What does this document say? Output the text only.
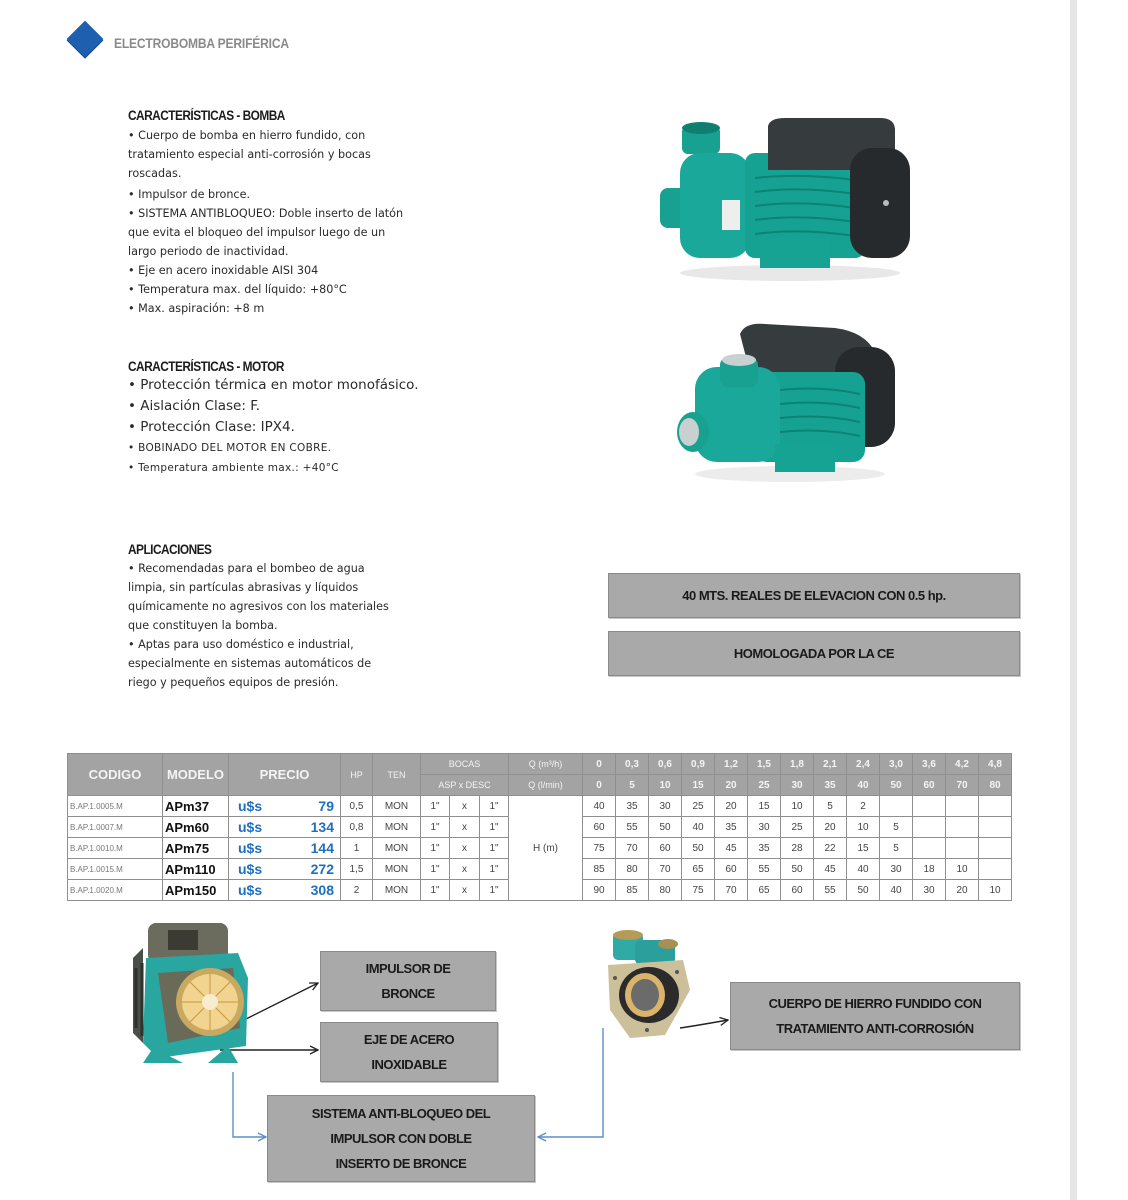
ELECTROBOMBA PERIFÉRICA
CARACTERÍSTICAS - BOMBA
• Cuerpo de bomba en hierro fundido, con
tratamiento especial anti-corrosión y bocas
roscadas.
• Impulsor de bronce.
• SISTEMA ANTIBLOQUEO: Doble inserto de latón
que evita el bloqueo del impulsor luego de un
largo periodo de inactividad.
• Eje en acero inoxidable AISI 304
• Temperatura max. del líquido: +80°C
• Max. aspiración: +8 m
CARACTERÍSTICAS - MOTOR
• Protección térmica en motor monofásico.
• Aislación Clase: F.
• Protección Clase: IPX4.
• BOBINADO DEL MOTOR EN COBRE.
• Temperatura ambiente max.: +40°C
APLICACIONES
• Recomendadas para el bombeo de agua
limpia, sin partículas abrasivas y líquidos
químicamente no agresivos con los materiales
que constituyen la bomba.
• Aptas para uso doméstico e industrial,
especialmente en sistemas automáticos de
riego y pequeños equipos de presión.
40 MTS. REALES DE ELEVACION CON 0.5 hp.
HOMOLOGADA POR LA CE
CODIGO	MODELO	PRECIO	HP	TEN	BOCAS			Q (m³/h)	0	0,3	0,6	0,9	1,2	1,5	1,8	2,1	2,4	3,0	3,6	4,2	4,8
					ASP x DESC			Q (l/min)	0	5	10	15	20	25	30	35	40	50	60	70	80
B.AP.1.0005.M	APm37	u$s 79	0,5	MON	1"	x	1"	H (m)	40	35	30	25	20	15	10	5	2				
B.AP.1.0007.M	APm60	u$s 134	0,8	MON	1"	x	1"		60	55	50	40	35	30	25	20	10	5			
B.AP.1.0010.M	APm75	u$s 144	1	MON	1"	x	1"		75	70	60	50	45	35	28	22	15	5			
B.AP.1.0015.M	APm110	u$s 272	1,5	MON	1"	x	1"		85	80	70	65	60	55	50	45	40	30	18	10	
B.AP.1.0020.M	APm150	u$s 308	2	MON	1"	x	1"		90	85	80	75	70	65	60	55	50	40	30	20	10
IMPULSOR DE
BRONCE
EJE DE ACERO
INOXIDABLE
SISTEMA ANTI-BLOQUEO DEL
IMPULSOR CON DOBLE
INSERTO DE BRONCE
CUERPO DE HIERRO FUNDIDO CON
TRATAMIENTO ANTI-CORROSIÓN
